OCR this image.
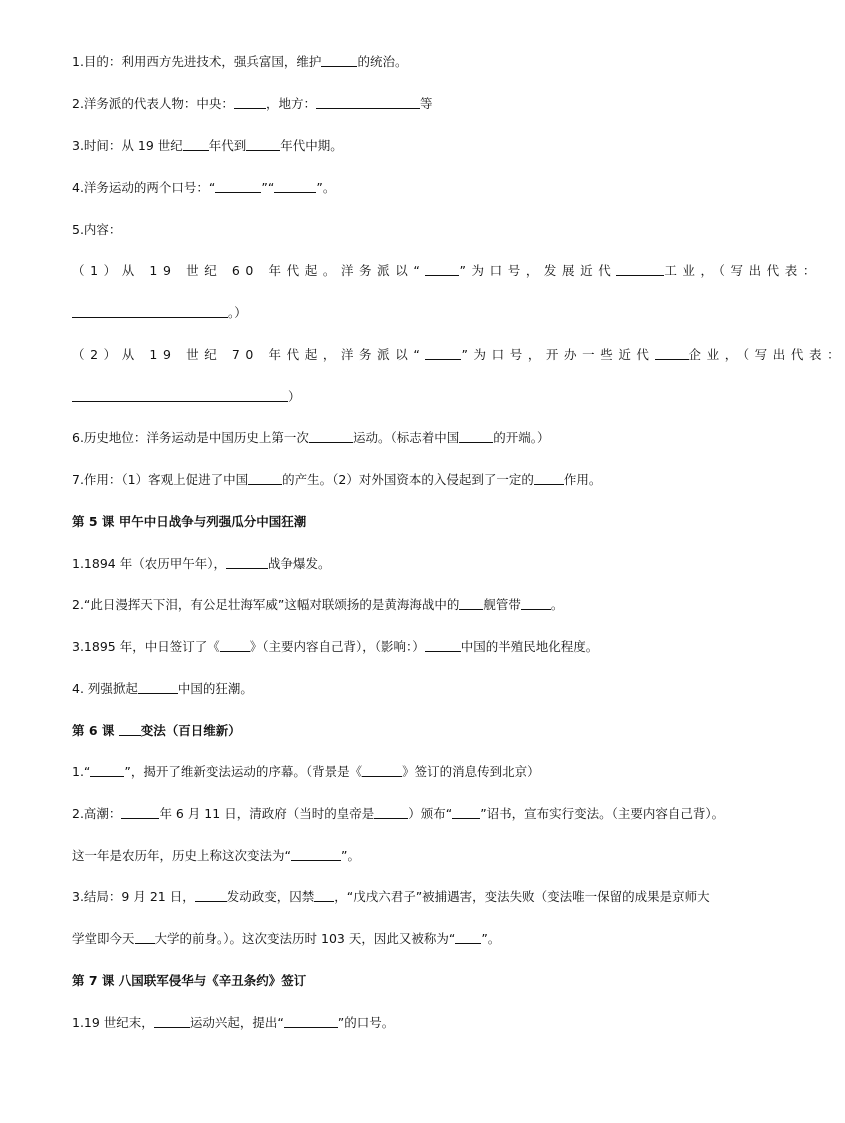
1.目的：利用西方先进技术，强兵富国，维护	的统治。
2.洋务派的代表人物：中央：	，地方：	等
3.时间：从 19 世纪 年代到	年代中期。
4.洋务运动的两个口号：“	”“	”。
5.内容：
（1）从 19 世纪 60 年代起。洋务派以“	”为口号，发展近代	工业，（写出代表：
。）
（2）从 19 世纪 70 年代起，洋务派以“	”为口号，开办一些近代	企业，（写出代表：
）
6.历史地位：洋务运动是中国历史上第一次	运动。（标志着中国	的开端。）
7.作用：（1）客观上促进了中国	的产生。（2）对外国资本的入侵起到了一定的 作用。
第 5 课 甲午中日战争与列强瓜分中国狂潮
1.1894 年（农历甲午年），	战争爆发。
2.“此日漫挥天下泪，有公足壮海军威”这幅对联颂扬的是黄海海战中的 舰管带 。
3.1895 年，中日签订了《 》（主要内容自己背），（影响：）	中国的半殖民地化程度。
4. 列强掀起	中国的狂潮。
第 6 课 变法（百日维新）
1.“	”，揭开了维新变法运动的序幕。（背景是《	》签订的消息传到北京）
2.高潮：	年 6 月 11 日，清政府（当时的皇帝是	）颁布“ ”诏书，宣布实行变法。（主要内容自己背）。
这一年是农历年，历史上称这次变法为“	”。
3.结局：9 月 21 日，	发动政变，囚禁 ，“戊戌六君子”被捕遇害，变法失败（变法唯一保留的成果是京师大
学堂即今天 大学的前身。）。这次变法历时 103 天，因此又被称为“ ”。
第 7 课 八国联军侵华与《辛丑条约》签订
1.19 世纪末，	运动兴起，提出“	”的口号。
